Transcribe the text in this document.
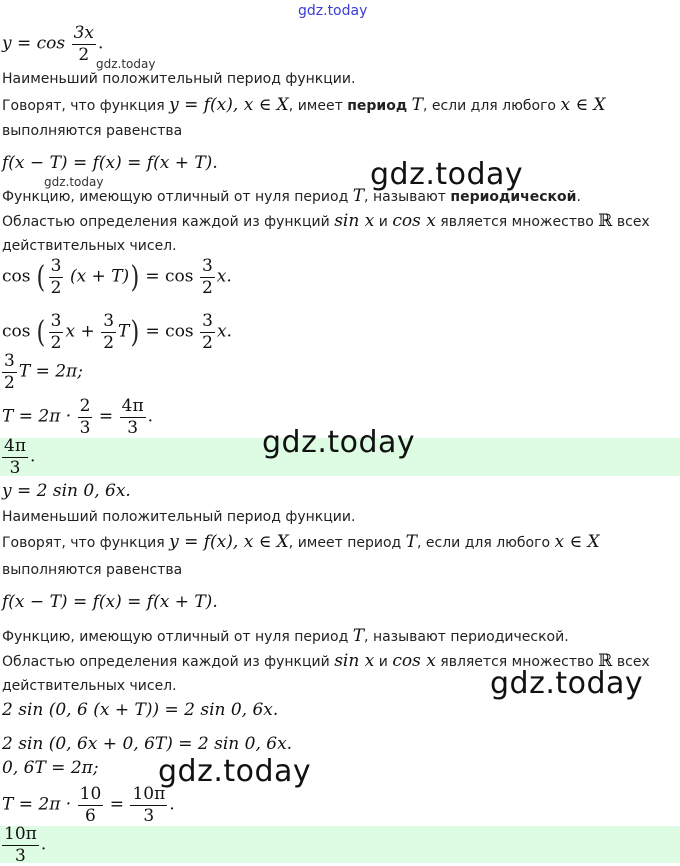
gdz.today
gdz.today
gdz.today	gdz.today
gdz.today
gdz.today
gdz.today
$y = \cos \frac{3x}{2}$ .
Наименьший положительный период функции.
Говорят, что функция y = f(x), x ∈ X, имеет период T, если для любого x ∈ X
выполняются равенства
f(x − T) = f(x) = f(x + T).
Функцию, имеющую отличный от нуля период T, называют периодической.
Областью определения каждой из функций sin x и cos x является множество ℝ всех
действительных чисел.
cos ( $\frac{3}{2} (x + T)) = \cos \frac{3}{2} x$.
cos ( $\frac{3}{2}$ $x + \frac{3}{2} T) = \cos \frac{3}{2} x$.
$\frac{3}{2}$ T = 2π;
$T = 2\pi \cdot \frac{2}{3} = \frac{4\pi}{3}$ .
$\frac{4\pi}{3}$ .
y = 2 sin 0, 6x.
Наименьший положительный период функции.
Говорят, что функция y = f(x), x ∈ X, имеет период T, если для любого x ∈ X
выполняются равенства
f(x − T) = f(x) = f(x + T).
Функцию, имеющую отличный от нуля период T, называют периодической.
Областью определения каждой из функций sin x и cos x является множество ℝ всех
действительных чисел.
2 sin (0, 6 (x + T)) = 2 sin 0, 6x.
2 sin (0, 6x + 0, 6T) = 2 sin 0, 6x.
0, 6T = 2π;
$T = 2\pi \cdot \frac{10}{6} = \frac{10\pi}{3}$ .
$\frac{10\pi}{3}$ .
